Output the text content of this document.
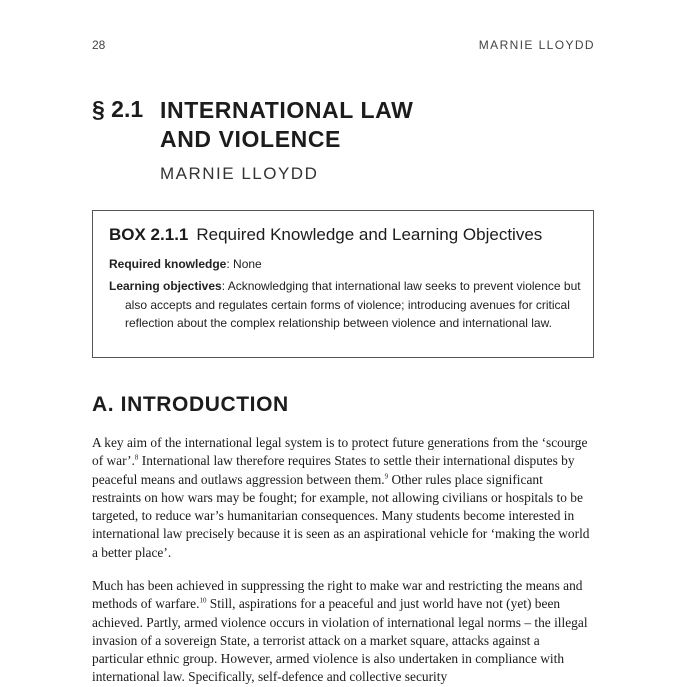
28	MARNIE LLOYDD
§ 2.1 INTERNATIONAL LAW
AND VIOLENCE
MARNIE LLOYDD
BOX 2.1.1 Required Knowledge and Learning Objectives
Required knowledge: None
Learning objectives: Acknowledging that international law seeks to prevent violence but also accepts and regulates certain forms of violence; introducing avenues for critical reflection about the complex relationship between violence and international law.
A. INTRODUCTION
A key aim of the international legal system is to protect future generations from the ‘scourge of war’.$^8$ International law therefore requires States to settle their international disputes by peaceful means and outlaws aggression between them.$^9$ Other rules place significant restraints on how wars may be fought; for example, not allowing civilians or hospitals to be targeted, to reduce war’s humanitarian consequences. Many students become interested in international law precisely because it is seen as an aspirational vehicle for ‘making the world a better place’.
Much has been achieved in suppressing the right to make war and restricting the means and methods of warfare.$^{10}$ Still, aspirations for a peaceful and just world have not (yet) been achieved. Partly, armed violence occurs in violation of international legal norms – the illegal invasion of a sovereign State, a terrorist attack on a market square, attacks against a particular ethnic group. However, armed violence is also undertaken in compliance with international law. Specifically, self-defence and collective security
